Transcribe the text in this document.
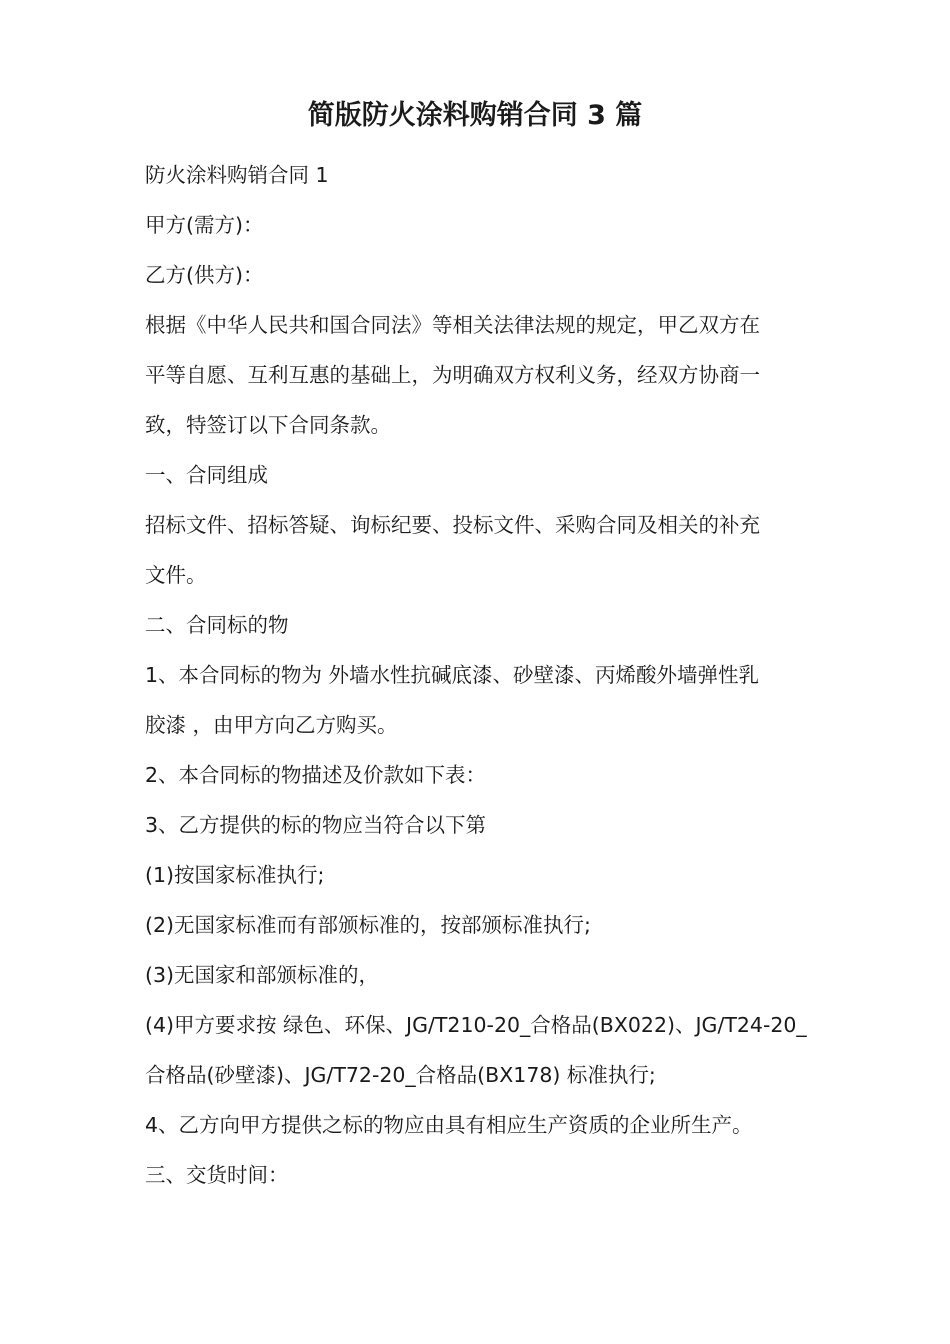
简版防火涂料购销合同 3 篇
防火涂料购销合同 1
甲方(需方)：
乙方(供方)：
根据《中华人民共和国合同法》等相关法律法规的规定，甲乙双方在
平等自愿、互利互惠的基础上，为明确双方权利义务，经双方协商一
致，特签订以下合同条款。
一、合同组成
招标文件、招标答疑、询标纪要、投标文件、采购合同及相关的补充
文件。
二、合同标的物
1、本合同标的物为 外墙水性抗碱底漆、砂壁漆、丙烯酸外墙弹性乳
胶漆 ，由甲方向乙方购买。
2、本合同标的物描述及价款如下表：
3、乙方提供的标的物应当符合以下第
(1)按国家标准执行;
(2)无国家标准而有部颁标准的，按部颁标准执行;
(3)无国家和部颁标准的，
(4)甲方要求按 绿色、环保、JG/T210-20_合格品(BX022)、JG/T24-20_
合格品(砂壁漆)、JG/T72-20_合格品(BX178) 标准执行;
4、乙方向甲方提供之标的物应由具有相应生产资质的企业所生产。
三、交货时间：
